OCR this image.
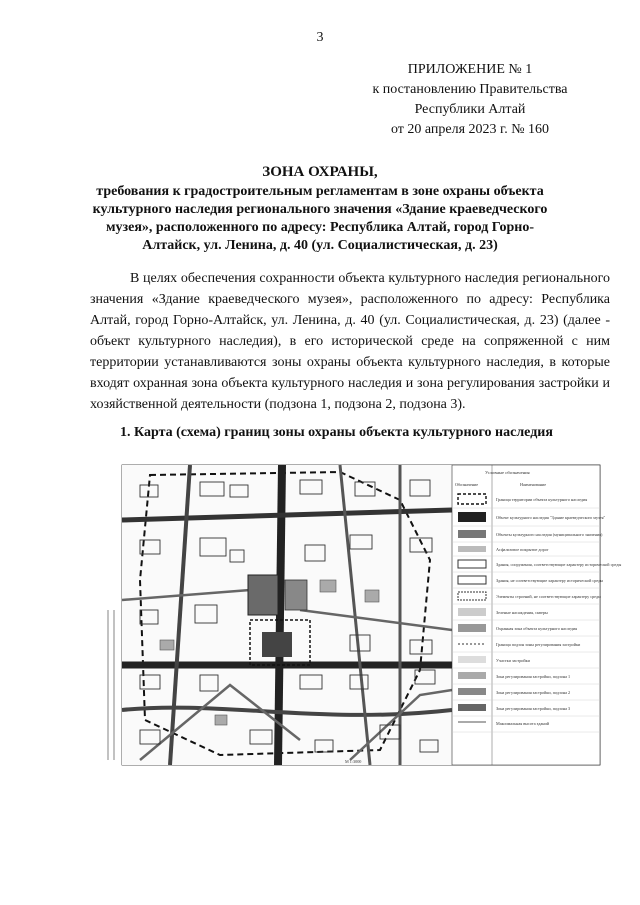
3
ПРИЛОЖЕНИЕ № 1
к постановлению Правительства
Республики Алтай
от 20 апреля 2023 г. № 160
ЗОНА ОХРАНЫ,
требования к градостроительным регламентам в зоне охраны объекта культурного наследия регионального значения «Здание краеведческого музея», расположенного по адресу: Республика Алтай, город Горно-Алтайск, ул. Ленина, д. 40 (ул. Социалистическая, д. 23)
В целях обеспечения сохранности объекта культурного наследия регионального значения «Здание краеведческого музея», расположенного по адресу: Республика Алтай, город Горно-Алтайск, ул. Ленина, д. 40 (ул. Социалистическая, д. 23) (далее - объект культурного наследия), в его исторической среде на сопряженной с ним территории устанавливаются зоны охраны объекта культурного наследия, в которые входят охранная зона объекта культурного наследия и зона регулирования застройки и хозяйственной деятельности (подзона 1, подзона 2, подзона 3).
1. Карта (схема) границ зоны охраны объекта культурного наследия
М 1:3000
Условные обозначения
Обозначение	Наименование
Граница территории объекта культурного наследия
Объект культурного наследия "Здание краеведческого музея"
Объекты культурного наследия (муниципального значения)
Асфальтовое покрытие дорог
Здания, сооружения, соответствующие характеру исторической среды
Здания, не соответствующие характеру исторической среды
Элементы строений, не соответствующие характеру среды
Зеленые насаждения, скверы
Охранная зона объекта культурного наследия
Граница подзон зоны регулирования застройки
Участки застройки
Зона регулирования застройки, подзона 1
Зона регулирования застройки, подзона 2
Зона регулирования застройки, подзона 3
Максимальная высота зданий
